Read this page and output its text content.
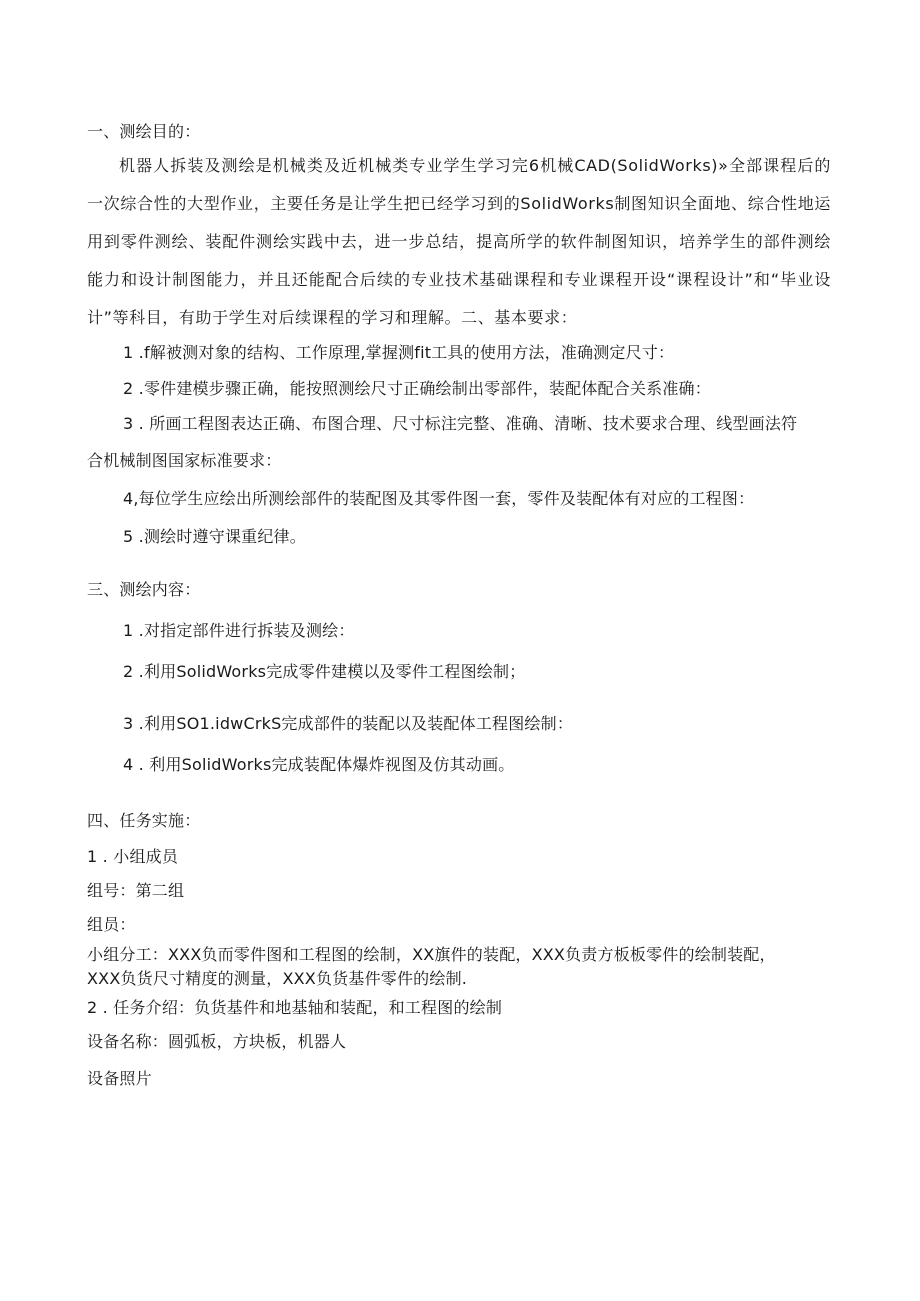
一、测绘目的：
机器人拆装及测绘是机械类及近机械类专业学生学习完6机械CAD(SolidWorks)»全部课程后的一次综合性的大型作业，主要任务是让学生把已经学习到的SolidWorks制图知识全面地、综合性地运用到零件测绘、装配件测绘实践中去，进一步总结，提高所学的软件制图知识，培养学生的部件测绘能力和设计制图能力，并且还能配合后续的专业技术基础课程和专业课程开设“课程设计”和“毕业设计”等科目，有助于学生对后续课程的学习和理解。二、基本要求：
1 .f解被测对象的结构、工作原理,掌握测fit工具的使用方法，准确测定尺寸：
2 .零件建模步骤正确，能按照测绘尺寸正确绘制出零部件，装配体配合关系准确：
3 . 所画工程图表达正确、布图合理、尺寸标注完整、准确、清晰、技术要求合理、线型画法符
合机械制图国家标准要求：
4,每位学生应绘出所测绘部件的装配图及其零件图一套，零件及装配体有对应的工程图：
5 .测绘时遵守课重纪律。
三、测绘内容：
1 .对指定部件进行拆装及测绘：
2 .利用SolidWorks完成零件建模以及零件工程图绘制；
3 .利用SO1.idwCrkS完成部件的装配以及装配体工程图绘制：
4 . 利用SolidWorks完成装配体爆炸视图及仿其动画。
四、任务实施：
1 . 小组成员
组号：第二组
组员：
小组分工：XXX负而零件图和工程图的绘制，XX旗件的装配，XXX负责方板板零件的绘制装配，
XXX负货尺寸精度的测量，XXX负货基件零件的绘制.
2 . 任务介绍：负货基件和地基轴和装配，和工程图的绘制
设备名称：圆弧板，方块板，机器人
设备照片
